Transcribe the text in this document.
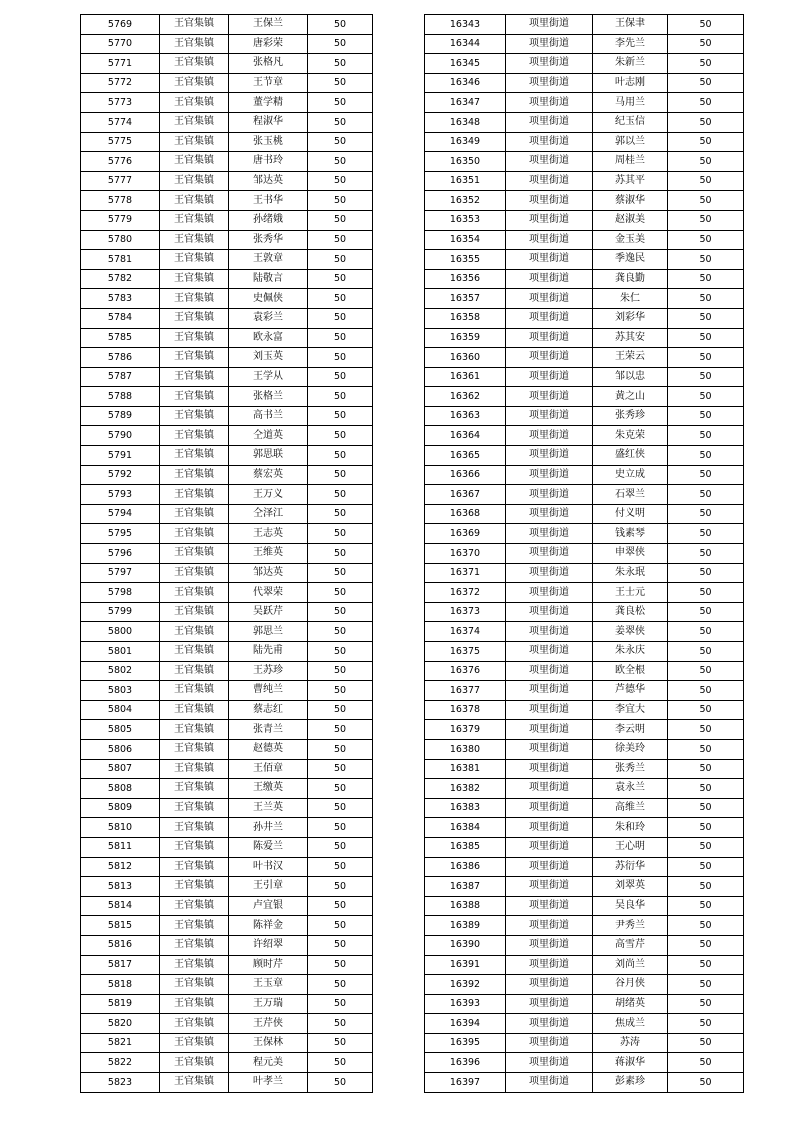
5769	王官集镇	王保兰	50
5770	王官集镇	唐彩荣	50
5771	王官集镇	张格凡	50
5772	王官集镇	王节章	50
5773	王官集镇	董学精	50
5774	王官集镇	程淑华	50
5775	王官集镇	张玉桃	50
5776	王官集镇	唐书玲	50
5777	王官集镇	邹达英	50
5778	王官集镇	王书华	50
5779	王官集镇	孙绪娥	50
5780	王官集镇	张秀华	50
5781	王官集镇	王敦章	50
5782	王官集镇	陆敬言	50
5783	王官集镇	史佩侠	50
5784	王官集镇	袁彩兰	50
5785	王官集镇	欧永富	50
5786	王官集镇	刘玉英	50
5787	王官集镇	王学从	50
5788	王官集镇	张格兰	50
5789	王官集镇	高书兰	50
5790	王官集镇	仝道英	50
5791	王官集镇	郭思联	50
5792	王官集镇	蔡宏英	50
5793	王官集镇	王万义	50
5794	王官集镇	仝泽江	50
5795	王官集镇	王志英	50
5796	王官集镇	王维英	50
5797	王官集镇	邹达英	50
5798	王官集镇	代翠荣	50
5799	王官集镇	吴跃芹	50
5800	王官集镇	郭思兰	50
5801	王官集镇	陆先甫	50
5802	王官集镇	王苏珍	50
5803	王官集镇	曹纯兰	50
5804	王官集镇	蔡志红	50
5805	王官集镇	张青兰	50
5806	王官集镇	赵德英	50
5807	王官集镇	王佰章	50
5808	王官集镇	王缴英	50
5809	王官集镇	王兰英	50
5810	王官集镇	孙井兰	50
5811	王官集镇	陈爱兰	50
5812	王官集镇	叶书汉	50
5813	王官集镇	王引章	50
5814	王官集镇	卢宜银	50
5815	王官集镇	陈祥金	50
5816	王官集镇	许绍翠	50
5817	王官集镇	顾时芹	50
5818	王官集镇	王玉章	50
5819	王官集镇	王万瑞	50
5820	王官集镇	王芹侠	50
5821	王官集镇	王保林	50
5822	王官集镇	程元美	50
5823	王官集镇	叶孝兰	50
16343	项里街道	王保聿	50
16344	项里街道	李先兰	50
16345	项里街道	朱新兰	50
16346	项里街道	叶志刚	50
16347	项里街道	马用兰	50
16348	项里街道	纪玉信	50
16349	项里街道	郭以兰	50
16350	项里街道	周桂兰	50
16351	项里街道	苏其平	50
16352	项里街道	蔡淑华	50
16353	项里街道	赵淑美	50
16354	项里街道	金玉美	50
16355	项里街道	季逸民	50
16356	项里街道	龚良勤	50
16357	项里街道	朱仁	50
16358	项里街道	刘彩华	50
16359	项里街道	苏其安	50
16360	项里街道	王荣云	50
16361	项里街道	邹以忠	50
16362	项里街道	黄之山	50
16363	项里街道	张秀珍	50
16364	项里街道	朱克荣	50
16365	项里街道	盛红侠	50
16366	项里街道	史立成	50
16367	项里街道	石翠兰	50
16368	项里街道	付义明	50
16369	项里街道	钱素琴	50
16370	项里街道	申翠侠	50
16371	项里街道	朱永珉	50
16372	项里街道	王士元	50
16373	项里街道	龚良松	50
16374	项里街道	姜翠侠	50
16375	项里街道	朱永庆	50
16376	项里街道	欧全根	50
16377	项里街道	芦德华	50
16378	项里街道	李宜大	50
16379	项里街道	李云明	50
16380	项里街道	徐美玲	50
16381	项里街道	张秀兰	50
16382	项里街道	袁永兰	50
16383	项里街道	高维兰	50
16384	项里街道	朱和玲	50
16385	项里街道	王心明	50
16386	项里街道	苏衍华	50
16387	项里街道	刘翠英	50
16388	项里街道	吴良华	50
16389	项里街道	尹秀兰	50
16390	项里街道	高雪芹	50
16391	项里街道	刘尚兰	50
16392	项里街道	谷月侠	50
16393	项里街道	胡绪英	50
16394	项里街道	焦成兰	50
16395	项里街道	苏涛	50
16396	项里街道	蒋淑华	50
16397	项里街道	彭素珍	50
